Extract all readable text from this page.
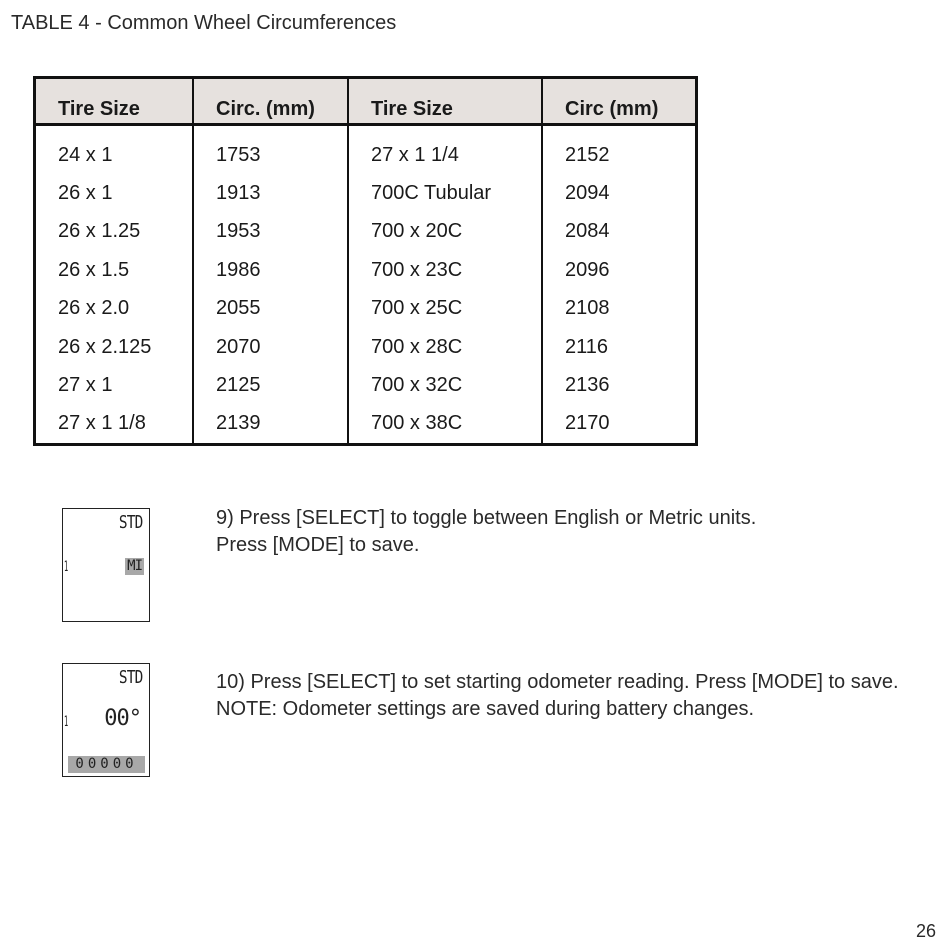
TABLE 4 - Common Wheel Circumferences
Tire Size	Circ. (mm)	Tire Size	Circ (mm)
24 x 1	1753	27 x 1 1/4	2152
26 x 1	1913	700C Tubular	2094
26 x 1.25	1953	700 x 20C	2084
26 x 1.5	1986	700 x 23C	2096
26 x 2.0	2055	700 x 25C	2108
26 x 2.125	2070	700 x 28C	2116
27 x 1	2125	700 x 32C	2136
27 x 1 1/8	2139	700 x 38C	2170
STD
1	MI

9) Press [SELECT] to toggle between English or Metric units.

Press [MODE] to save.

STD
1 00°
00000

10) Press [SELECT] to set starting odometer reading. Press [MODE] to save.

NOTE: Odometer settings are saved during battery changes.

26
